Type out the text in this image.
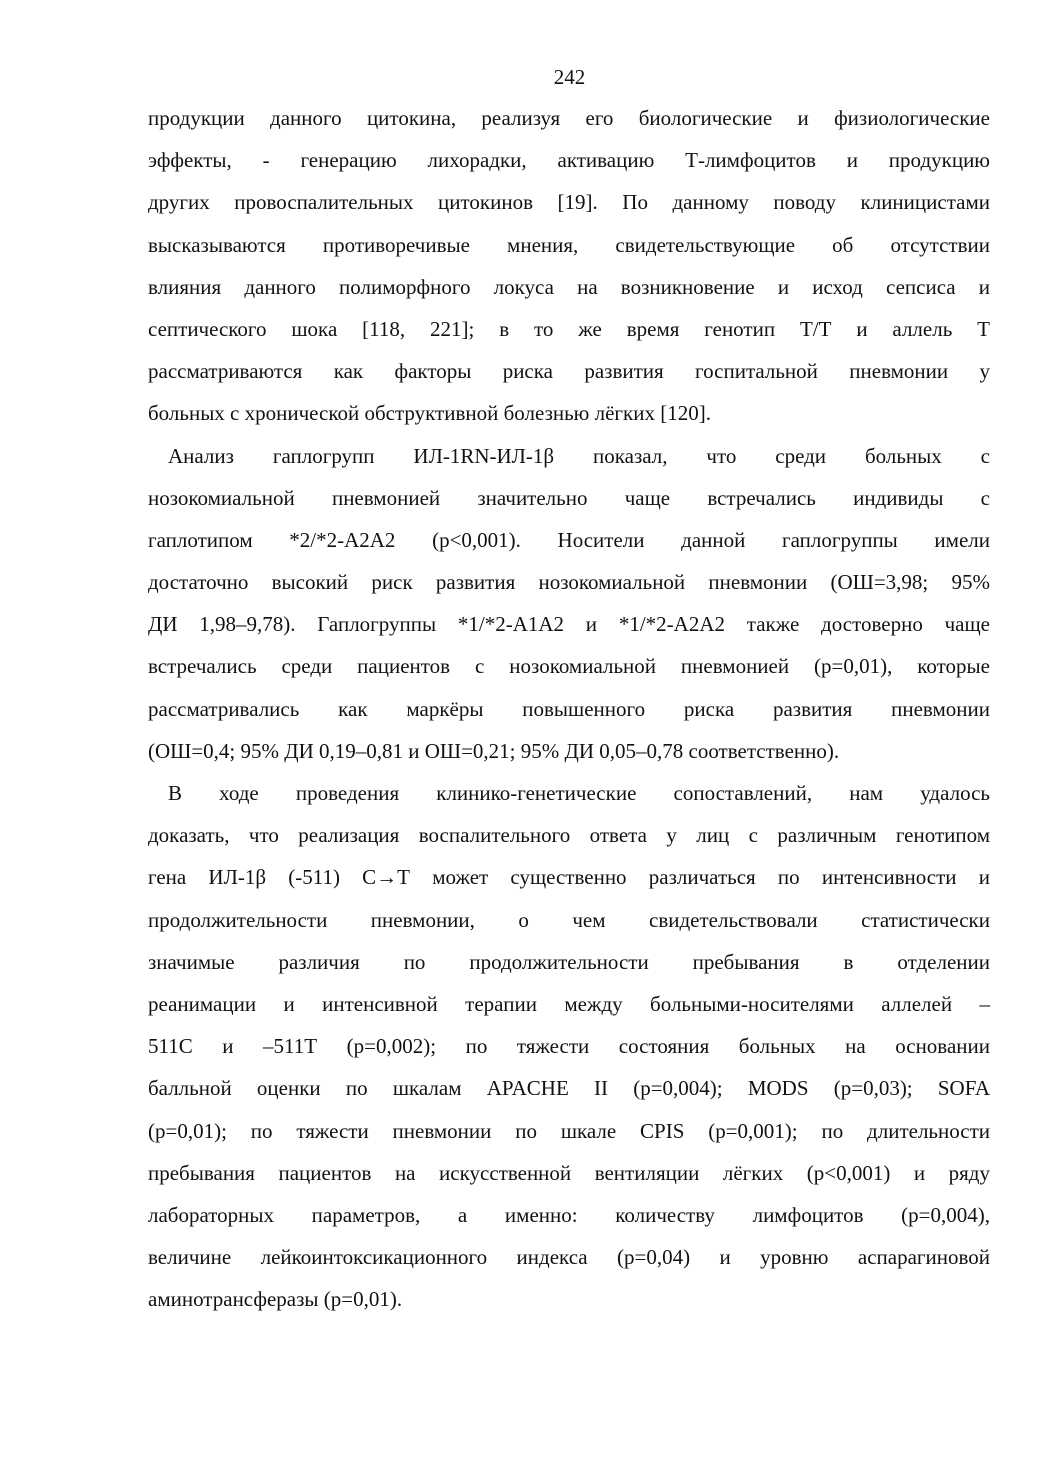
242
продукции данного цитокина, реализуя его биологические и физиологические
эффекты, - генерацию лихорадки, активацию Т-лимфоцитов и продукцию
других провоспалительных цитокинов [19]. По данному поводу клиницистами
высказываются противоречивые мнения, свидетельствующие об отсутствии
влияния данного полиморфного локуса на возникновение и исход сепсиса и
септического шока [118, 221]; в то же время генотип Т/Т и аллель Т
рассматриваются как факторы риска развития госпитальной пневмонии у
больных с хронической обструктивной болезнью лёгких [120].
Анализ гаплогрупп ИЛ-1RN-ИЛ-1β показал, что среди больных с
нозокомиальной пневмонией значительно чаще встречались индивиды с
гаплотипом *2/*2-А2А2 (р<0,001). Носители данной гаплогруппы имели
достаточно высокий риск развития нозокомиальной пневмонии (ОШ=3,98; 95%
ДИ 1,98–9,78). Гаплогруппы *1/*2-А1А2 и *1/*2-А2А2 также достоверно чаще
встречались среди пациентов с нозокомиальной пневмонией (р=0,01), которые
рассматривались как маркёры повышенного риска развития пневмонии
(ОШ=0,4; 95% ДИ 0,19–0,81 и ОШ=0,21; 95% ДИ 0,05–0,78 соответственно).
В ходе проведения клинико-генетические сопоставлений, нам удалось
доказать, что реализация воспалительного ответа у лиц с различным генотипом
гена ИЛ-1β (-511) С→Т может существенно различаться по интенсивности и
продолжительности пневмонии, о чем свидетельствовали статистически
значимые различия по продолжительности пребывания в отделении
реанимации и интенсивной терапии между больными-носителями аллелей –
511С и –511Т (р=0,002); по тяжести состояния больных на основании
балльной оценки по шкалам APACHE II (р=0,004); MODS (р=0,03); SOFA
(р=0,01); по тяжести пневмонии по шкале CPIS (р=0,001); по длительности
пребывания пациентов на искусственной вентиляции лёгких (р<0,001) и ряду
лабораторных параметров, а именно: количеству лимфоцитов (р=0,004),
величине лейкоинтоксикационного индекса (р=0,04) и уровню аспарагиновой
аминотрансферазы (р=0,01).
